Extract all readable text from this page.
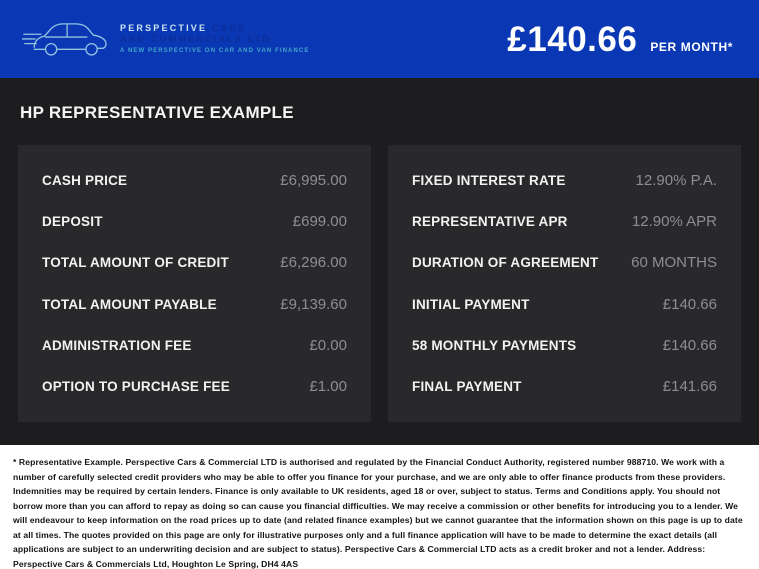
PERSPECTIVE CARS
AND COMMERCIALS LTD
A NEW PERSPECTIVE ON CAR AND VAN FINANCE	£140.66 PER MONTH*
HP REPRESENTATIVE EXAMPLE
CASH PRICE	£6,995.00
DEPOSIT	£699.00
TOTAL AMOUNT OF CREDIT	£6,296.00
TOTAL AMOUNT PAYABLE	£9,139.60
ADMINISTRATION FEE	£0.00
OPTION TO PURCHASE FEE	£1.00
FIXED INTEREST RATE	12.90% P.A.
REPRESENTATIVE APR	12.90% APR
DURATION OF AGREEMENT 60 MONTHS
INITIAL PAYMENT	£140.66
58 MONTHLY PAYMENTS	£140.66
FINAL PAYMENT	£141.66
* Representative Example. Perspective Cars & Commercial LTD is authorised and regulated by the Financial Conduct Authority, registered number 988710. We work with a number of carefully selected credit providers who may be able to offer you finance for your purchase, and we are only able to offer finance products from these providers. Indemnities may be required by certain lenders. Finance is only available to UK residents, aged 18 or over, subject to status. Terms and Conditions apply. You should not borrow more than you can afford to repay as doing so can cause you financial difficulties. We may receive a commission or other benefits for introducing you to a lender. We will endeavour to keep information on the road prices up to date (and related finance examples) but we cannot guarantee that the information shown on this page is up to date at all times. The quotes provided on this page are only for illustrative purposes only and a full finance application will have to be made to determine the exact details (all applications are subject to an underwriting decision and are subject to status). Perspective Cars & Commercial LTD acts as a credit broker and not a lender. Address: Perspective Cars & Commercials Ltd, Houghton Le Spring, DH4 4AS
